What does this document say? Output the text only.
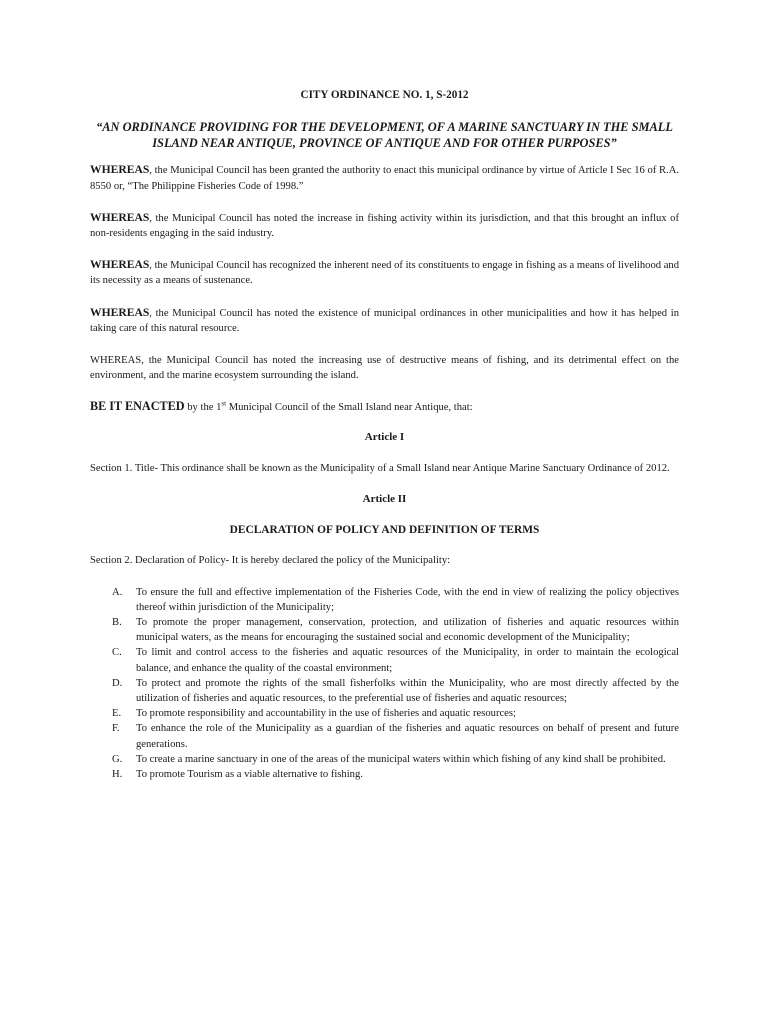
CITY ORDINANCE NO. 1, S-2012
“AN ORDINANCE PROVIDING FOR THE DEVELOPMENT, OF A MARINE SANCTUARY IN THE SMALL ISLAND NEAR ANTIQUE, PROVINCE OF ANTIQUE AND FOR OTHER PURPOSES”
WHEREAS, the Municipal Council has been granted the authority to enact this municipal ordinance by virtue of Article I Sec 16 of R.A. 8550 or, “The Philippine Fisheries Code of 1998.”
WHEREAS, the Municipal Council has noted the increase in fishing activity within its jurisdiction, and that this brought an influx of non-residents engaging in the said industry.
WHEREAS, the Municipal Council has recognized the inherent need of its constituents to engage in fishing as a means of livelihood and its necessity as a means of sustenance.
WHEREAS, the Municipal Council has noted the existence of municipal ordinances in other municipalities and how it has helped in taking care of this natural resource.
WHEREAS, the Municipal Council has noted the increasing use of destructive means of fishing, and its detrimental effect on the environment, and the marine ecosystem surrounding the island.
BE IT ENACTED by the 1st Municipal Council of the Small Island near Antique, that:
Article I
Section 1. Title- This ordinance shall be known as the Municipality of a Small Island near Antique Marine Sanctuary Ordinance of 2012.
Article II
DECLARATION OF POLICY AND DEFINITION OF TERMS
Section 2. Declaration of Policy- It is hereby declared the policy of the Municipality:
A.	To ensure the full and effective implementation of the Fisheries Code, with the end in view of realizing the policy objectives thereof within jurisdiction of the Municipality;
B.	To promote the proper management, conservation, protection, and utilization of fisheries and aquatic resources within municipal waters, as the means for encouraging the sustained social and economic development of the Municipality;
C.	To limit and control access to the fisheries and aquatic resources of the Municipality, in order to maintain the ecological balance, and enhance the quality of the coastal environment;
D.	To protect and promote the rights of the small fisherfolks within the Municipality, who are most directly affected by the utilization of fisheries and aquatic resources, to the preferential use of fisheries and aquatic resources;
E.	To promote responsibility and accountability in the use of fisheries and aquatic resources;
F.	To enhance the role of the Municipality as a guardian of the fisheries and aquatic resources on behalf of present and future generations.
G.	To create a marine sanctuary in one of the areas of the municipal waters within which fishing of any kind shall be prohibited.
H.	To promote Tourism as a viable alternative to fishing.
